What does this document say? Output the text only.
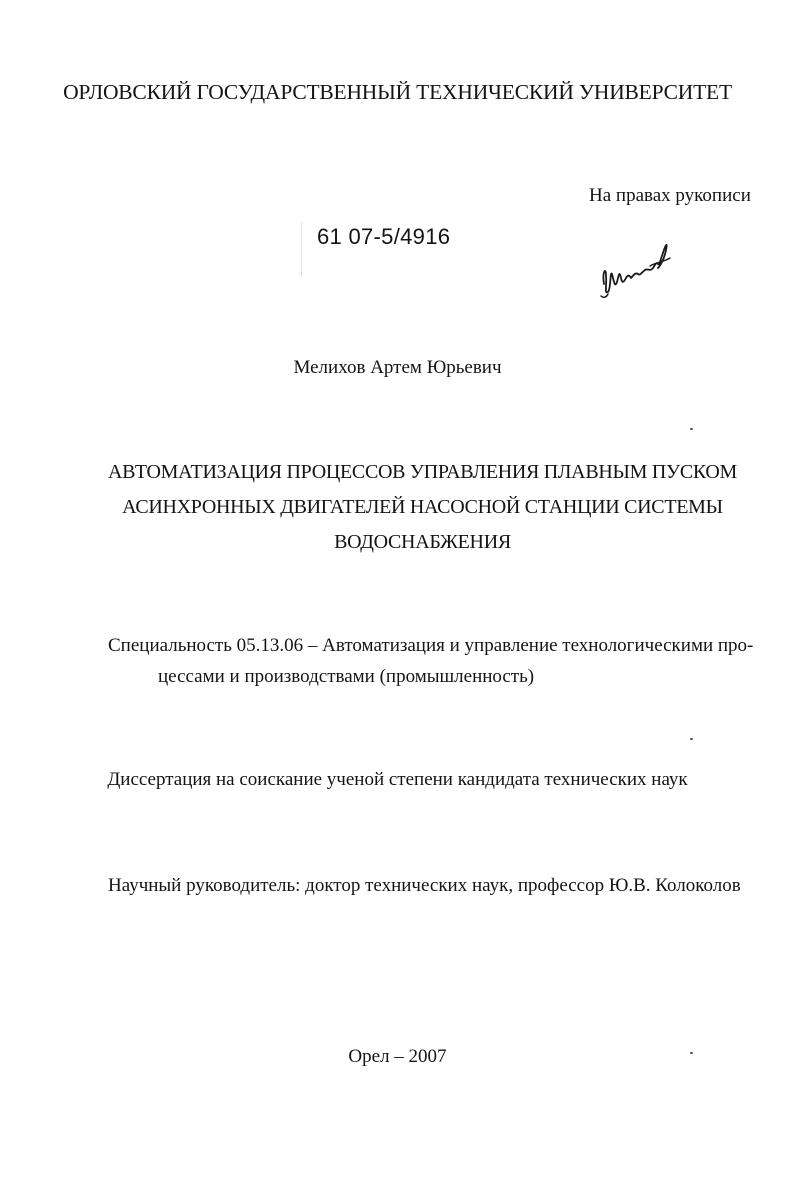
ОРЛОВСКИЙ ГОСУДАРСТВЕННЫЙ ТЕХНИЧЕСКИЙ УНИВЕРСИТЕТ
На правах рукописи
61 07-5/4916
Мелихов Артем Юрьевич
АВТОМАТИЗАЦИЯ ПРОЦЕССОВ УПРАВЛЕНИЯ ПЛАВНЫМ ПУСКОМ
АСИНХРОННЫХ ДВИГАТЕЛЕЙ НАСОСНОЙ СТАНЦИИ СИСТЕМЫ
ВОДОСНАБЖЕНИЯ
Специальность 05.13.06 – Автоматизация и управление технологическими про-
цессами и производствами (промышленность)
Диссертация на соискание ученой степени кандидата технических наук
Научный руководитель: доктор технических наук, профессор Ю.В. Колоколов
Орел – 2007
